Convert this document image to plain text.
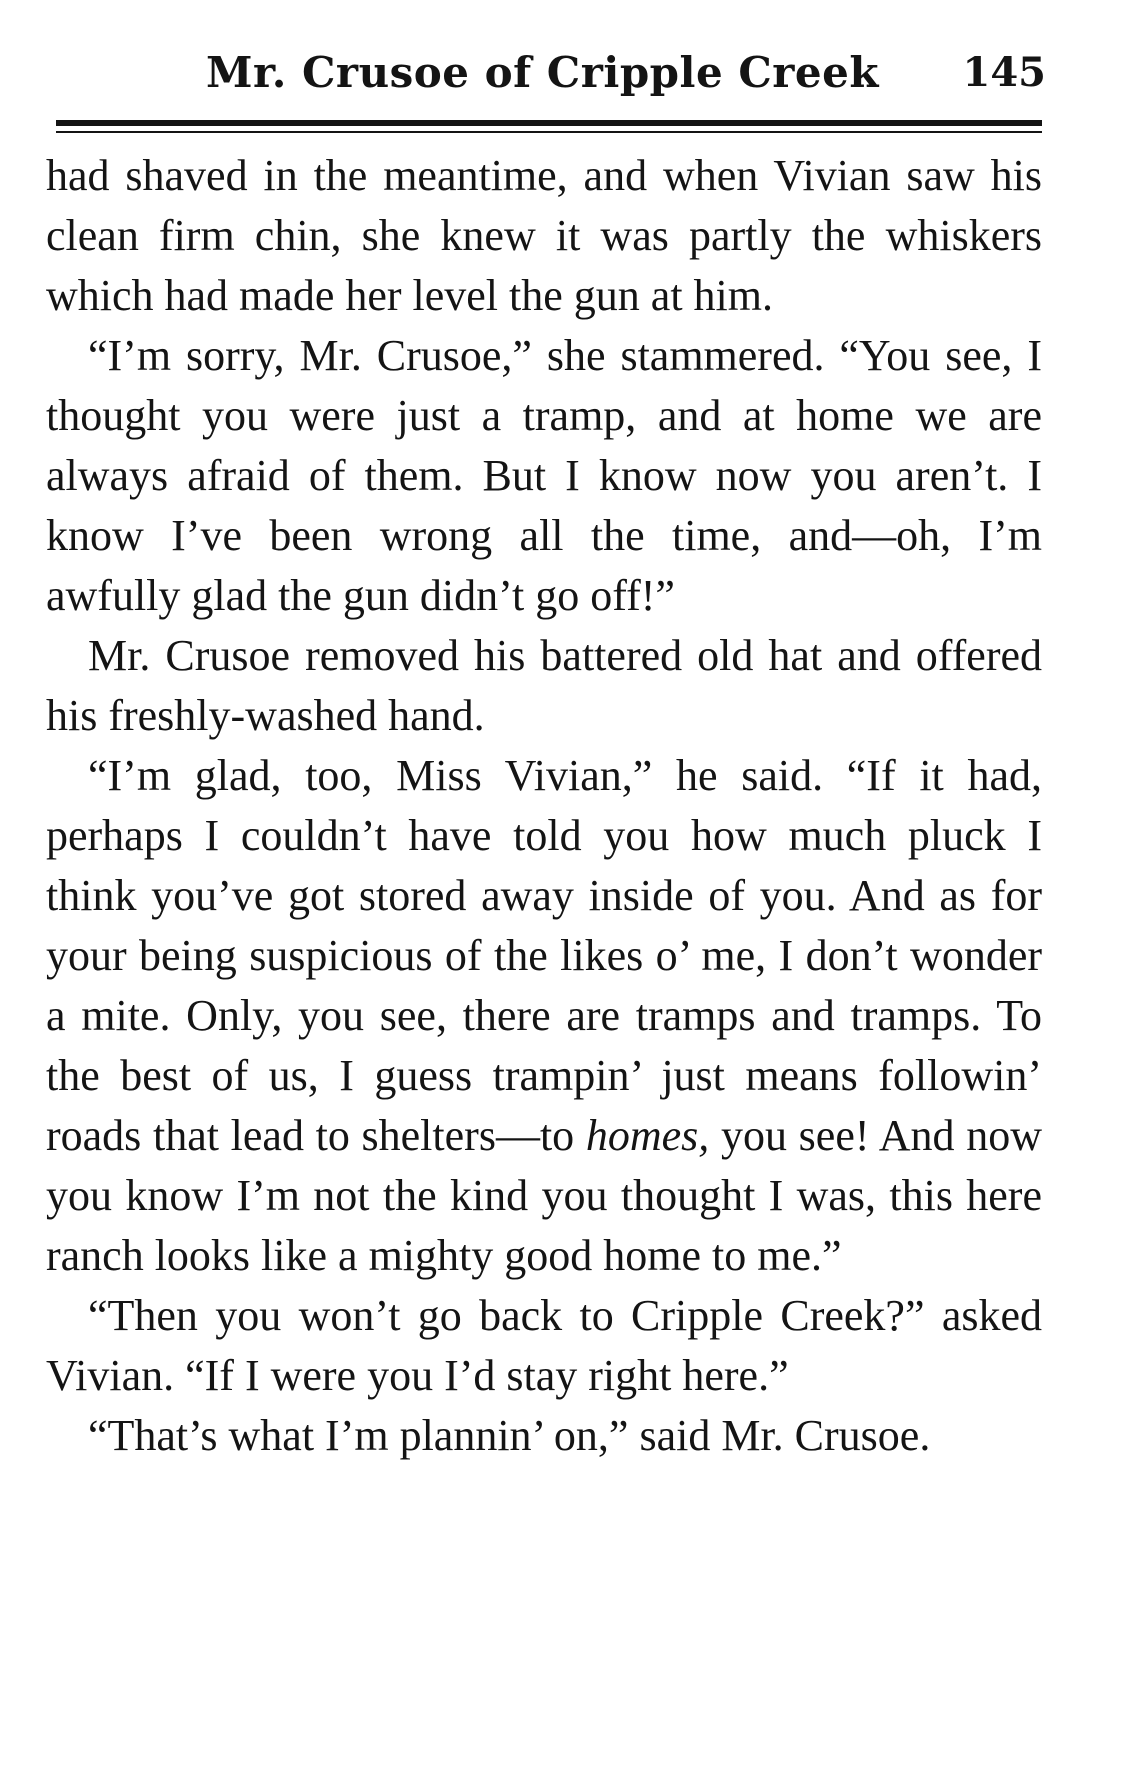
Mr. Crusoe of Cripple Creek 145

had shaved in the meantime, and when Vivian saw his clean firm chin, she knew it was partly the whiskers which had made her level the gun at him.

“I’m sorry, Mr. Crusoe,” she stammered. “You see, I thought you were just a tramp, and at home we are always afraid of them. But I know now you aren’t. I know I’ve been wrong all the time, and—oh, I’m awfully glad the gun didn’t go off!”

Mr. Crusoe removed his battered old hat and offered his freshly-washed hand.

“I’m glad, too, Miss Vivian,” he said. “If it had, perhaps I couldn’t have told you how much pluck I think you’ve got stored away inside of you. And as for your being suspicious of the likes o’ me, I don’t wonder a mite. Only, you see, there are tramps and tramps. To the best of us, I guess trampin’ just means followin’ roads that lead to shelters—to homes, you see! And now you know I’m not the kind you thought I was, this here ranch looks like a mighty good home to me.”

“Then you won’t go back to Cripple Creek?” asked Vivian. “If I were you I’d stay right here.”

“That’s what I’m plannin’ on,” said Mr. Crusoe.
